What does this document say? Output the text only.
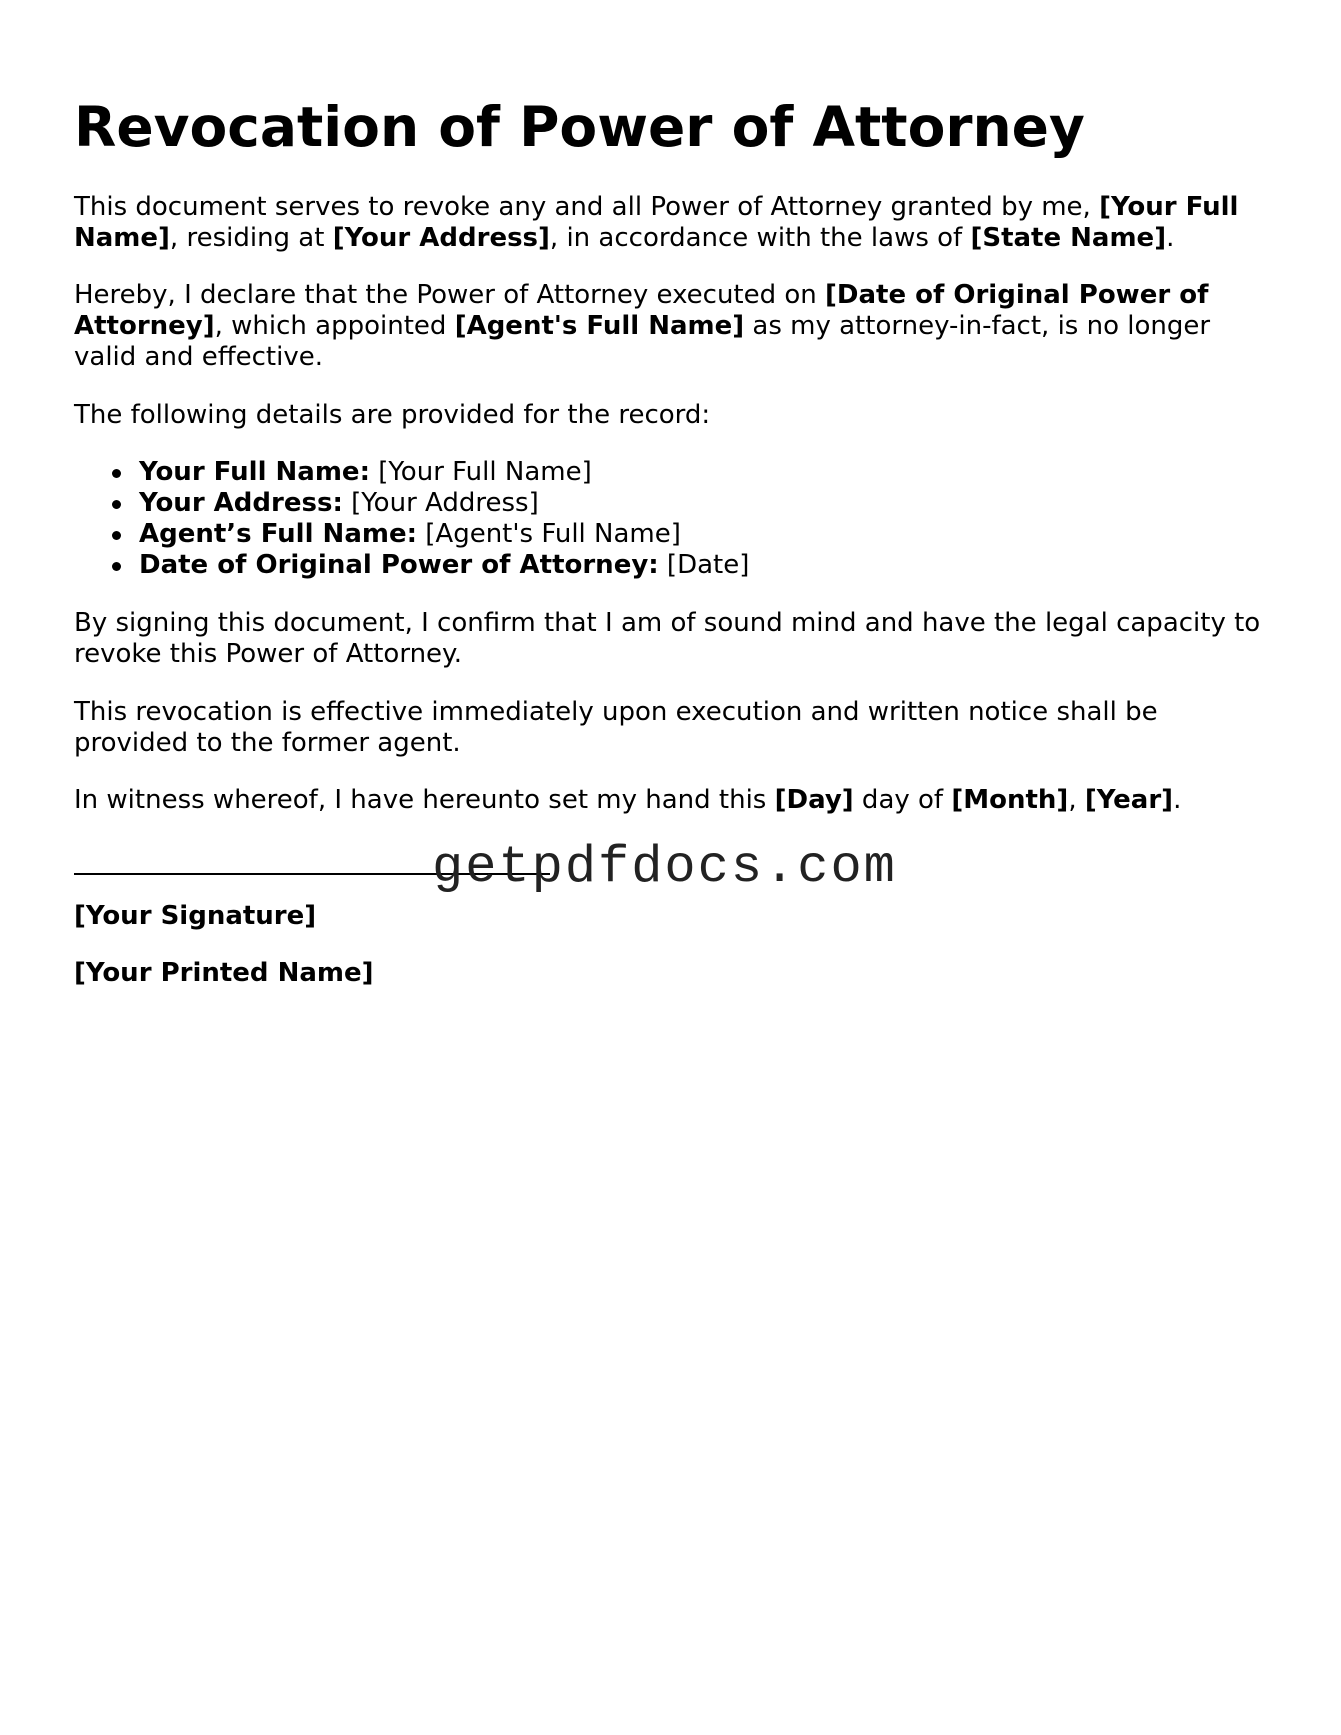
Revocation of Power of Attorney

This document serves to revoke any and all Power of Attorney granted by me, [Your Full Name], residing at [Your Address], in accordance with the laws of [State Name].

Hereby, I declare that the Power of Attorney executed on [Date of Original Power of Attorney], which appointed [Agent's Full Name] as my attorney-in-fact, is no longer valid and effective.

The following details are provided for the record:

Your Full Name: [Your Full Name]
Your Address: [Your Address]
Agent’s Full Name: [Agent's Full Name]
Date of Original Power of Attorney: [Date]

By signing this document, I confirm that I am of sound mind and have the legal capacity to revoke this Power of Attorney.

This revocation is effective immediately upon execution and written notice shall be provided to the former agent.

In witness whereof, I have hereunto set my hand this [Day] day of [Month], [Year].

getpdfdocs.com
[Your Signature]
[Your Printed Name]
